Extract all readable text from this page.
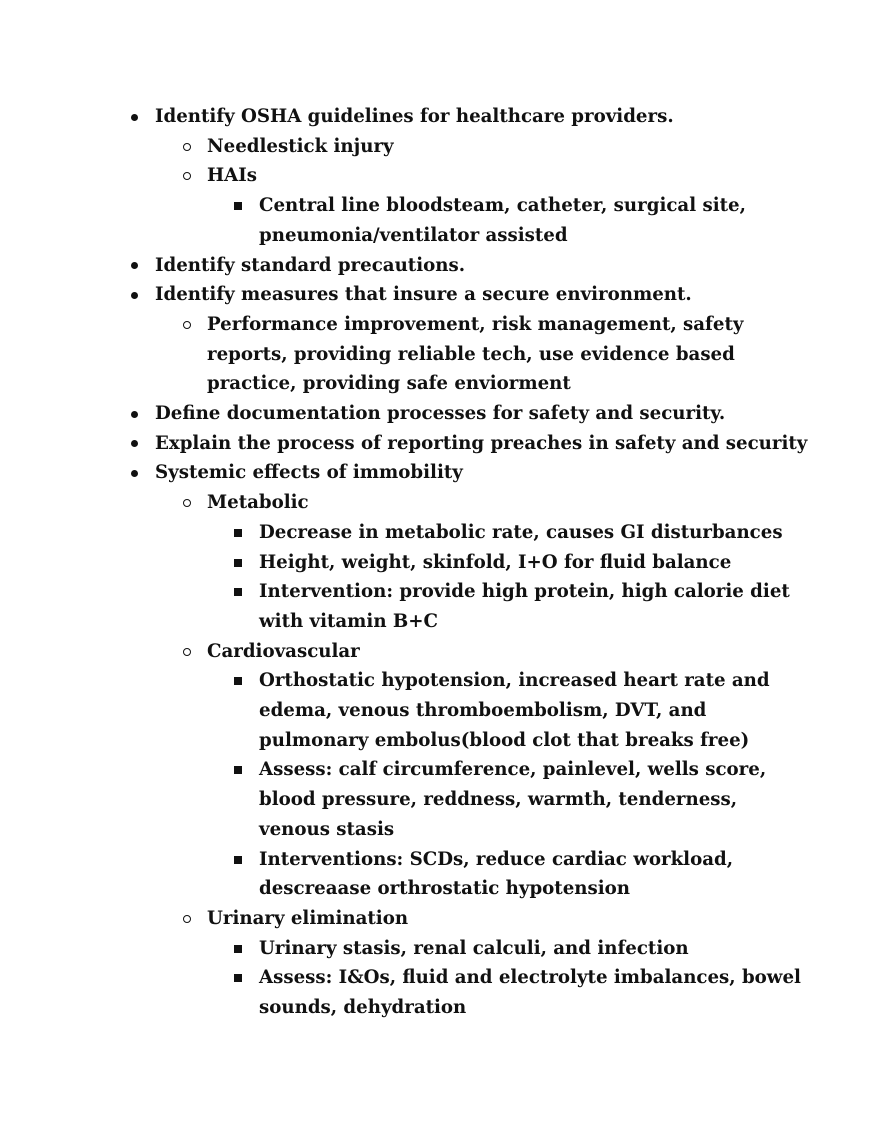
Identify OSHA guidelines for healthcare providers.
Needlestick injury
HAIs
Central line bloodsteam, catheter, surgical site,
pneumonia/ventilator assisted
Identify standard precautions.
Identify measures that insure a secure environment.
Performance improvement, risk management, safety
reports, providing reliable tech, use evidence based
practice, providing safe enviorment
Define documentation processes for safety and security.
Explain the process of reporting preaches in safety and security
Systemic effects of immobility
Metabolic
Decrease in metabolic rate, causes GI disturbances
Height, weight, skinfold, I+O for fluid balance
Intervention: provide high protein, high calorie diet
with vitamin B+C
Cardiovascular
Orthostatic hypotension, increased heart rate and
edema, venous thromboembolism, DVT, and
pulmonary embolus(blood clot that breaks free)
Assess: calf circumference, painlevel, wells score,
blood pressure, reddness, warmth, tenderness,
venous stasis
Interventions: SCDs, reduce cardiac workload,
descreaase orthrostatic hypotension
Urinary elimination
Urinary stasis, renal calculi, and infection
Assess: I&Os, fluid and electrolyte imbalances, bowel
sounds, dehydration
